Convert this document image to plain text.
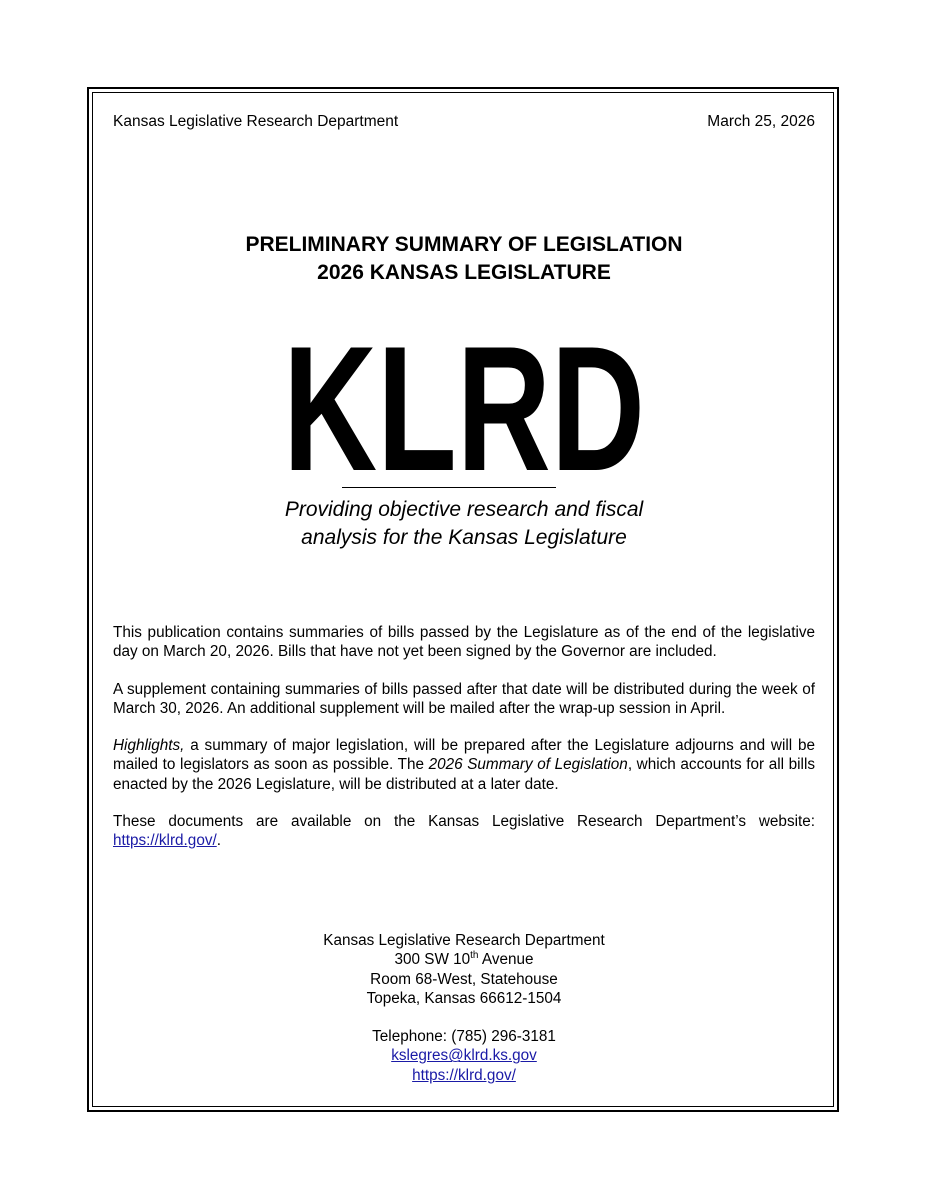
Kansas Legislative Research Department	March 25, 2026
PRELIMINARY SUMMARY OF LEGISLATION
2026 KANSAS LEGISLATURE
KLRD
Providing objective research and fiscal
analysis for the Kansas Legislature

This publication contains summaries of bills passed by the Legislature as of the end of the legislative day on March 20, 2026. Bills that have not yet been signed by the Governor are included.

A supplement containing summaries of bills passed after that date will be distributed during the week of March 30, 2026. An additional supplement will be mailed after the wrap-up session in April.

Highlights, a summary of major legislation, will be prepared after the Legislature adjourns and will be mailed to legislators as soon as possible. The 2026 Summary of Legislation, which accounts for all bills enacted by the 2026 Legislature, will be distributed at a later date.

These documents are available on the Kansas Legislative Research Department’s website: https://klrd.gov/.

Kansas Legislative Research Department
300 SW 10th Avenue
Room 68-West, Statehouse
Topeka, Kansas 66612-1504
Telephone: (785) 296-3181
kslegres@klrd.ks.gov
https://klrd.gov/
